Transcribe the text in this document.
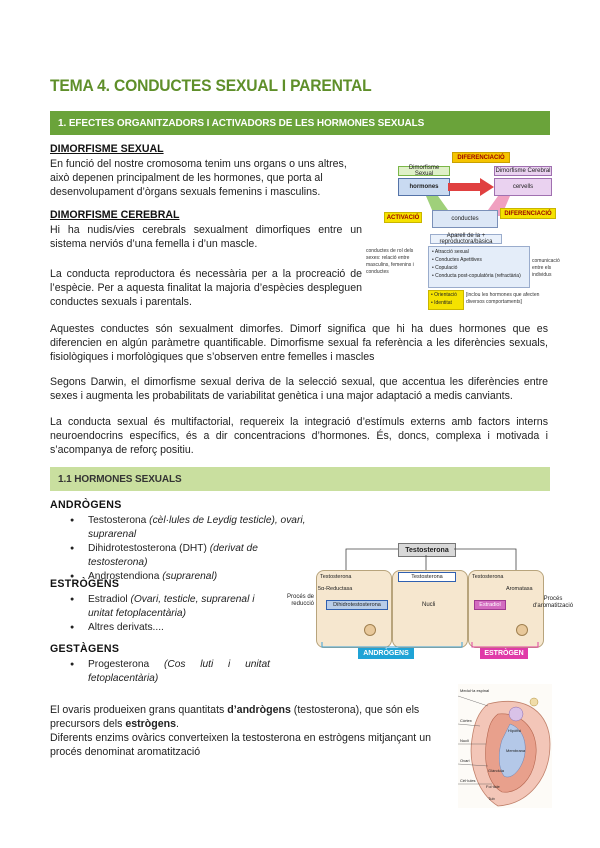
TEMA 4. CONDUCTES SEXUAL I PARENTAL
1. EFECTES ORGANITZADORS I ACTIVADORS DE LES HORMONES SEXUALS
DIMORFISME SEXUAL
En funció del nostre cromosoma tenim uns organs o uns altres, això depenen principalment de les hormones, que porta al desenvolupament d’òrgans sexuals femenins i masculins.
DIMORFISME CEREBRAL
Hi ha nudis/vies cerebrals sexualment dimorfiques entre un sistema nerviós d’una femella i d’un mascle.
La conducta reproductora és necessària per a la procreació de l’espècie. Per a aquesta finalitat la majoria d’espècies despleguen conductes sexuals i parentals.
DIFERENCIACIÓ
Dimorfisme Sexual	Dimorfisme Cerebral
hormones	cervells
ACTIVACIÓ	conductes
DIFERENCIACIÓ
Aparell de la + reproductora/bàsica
conductes de rol dels sexes: relació entre masculins, femenins i conductes
• Atracció sexual
• Conductes Apetitives
• Copulació
• Conducta post-copulatòria (refractària)
comunicació entre els individus
• Orientació
• Identitat
[inclou les hormones que afecten diversos comportaments]
Aquestes conductes són sexualment dimorfes. Dimorf significa que hi ha dues hormones que es diferencien en algún paràmetre quantificable. Dimorfisme sexual fa referència a les diferències sexuals, fisiològiques i morfològiques que s’observen entre femelles i mascles
Segons Darwin, el dimorfisme sexual deriva de la selecció sexual, que accentua les diferències entre sexes i augmenta les probabilitats de variabilitat genètica i una major adaptació a medis canviants.
La conducta sexual és multifactorial, requereix la integració d’estímuls externs amb factors interns neuroendocrins específics, és a dir concentracions d’hormones. És, doncs, complexa i motivada i s’acompanya de reforç positiu.
1.1 HORMONES SEXUALS
ANDRÒGENS
● Testosterona (cèl·lules de Leydig testicle), ovari, suprarenal
● Dihidrotestosterona (DHT) (derivat de testosterona)
● Androstendiona (suprarenal)
ESTRÒGENS
● Estradiol (Ovari, testicle, suprarenal i unitat fetoplacentària)
● Altres derivats....
GESTÀGENS
● Progesterona (Cos luti i unitat fetoplacentària)
Testosterona
Testosterona	Testosterona	Testosterona
5α-Reductasa
Dihidrotestosterona
Aromatasa
Estradiol
Nucli
Procés de reducció
Procés d'aromatització
ANDRÒGENS	ESTRÒGEN
El ovaris produeixen grans quantitats d’andrògens (testosterona), que són els precursors dels estrògens.
Diferents enzims ovàrics converteixen la testosterona en estrògens mitjançant un procés denominat aromatització
Medul·la espinal
Còrtex
Nucli
Ovari
Cèl·lules
Hipòfisi
Membrana
Glàndula
Fol·licle
Tub
